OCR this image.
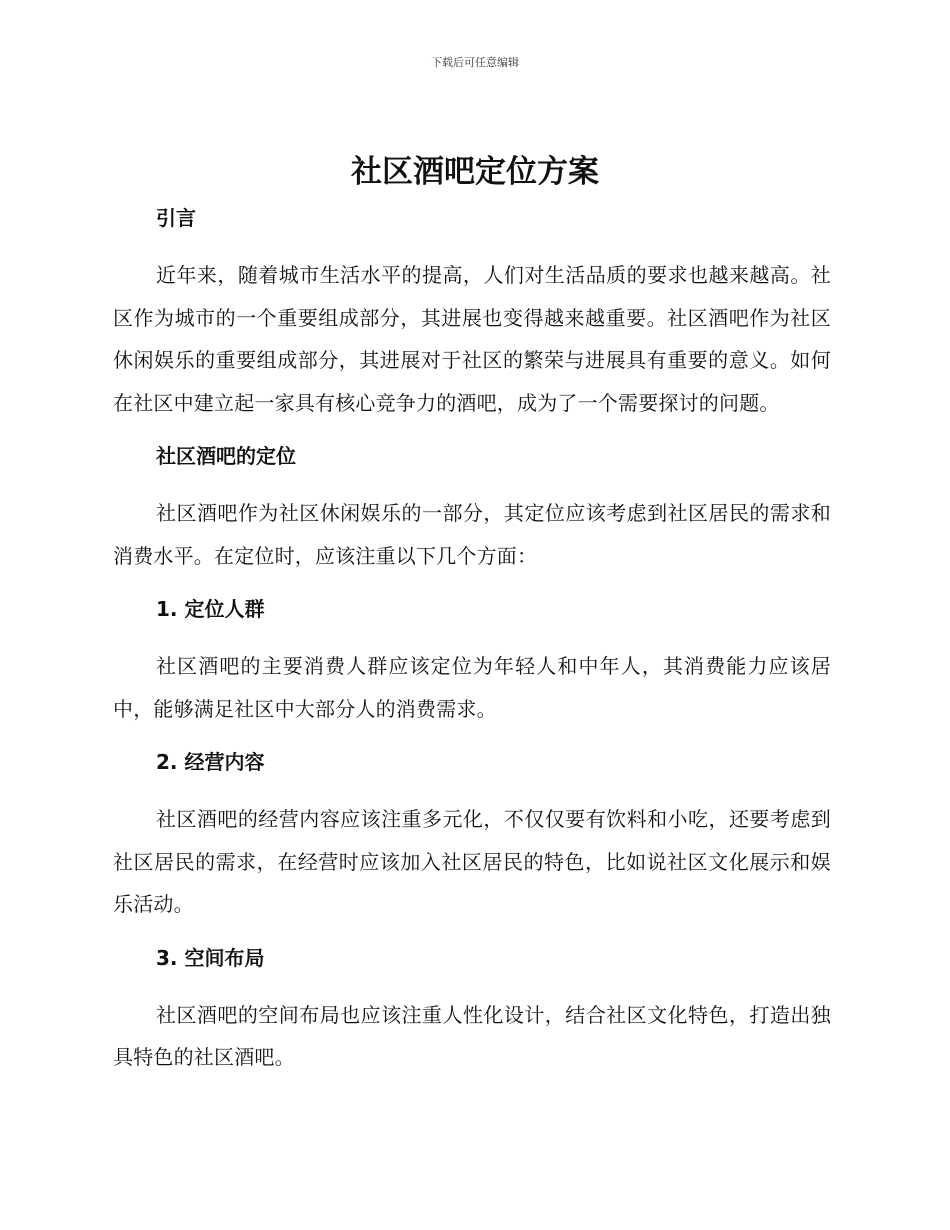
下载后可任意编辑
社区酒吧定位方案
引言

近年来，随着城市生活水平的提高，人们对生活品质的要求也越来越高。社区作为城市的一个重要组成部分，其进展也变得越来越重要。社区酒吧作为社区休闲娱乐的重要组成部分，其进展对于社区的繁荣与进展具有重要的意义。如何在社区中建立起一家具有核心竞争力的酒吧，成为了一个需要探讨的问题。

社区酒吧的定位

社区酒吧作为社区休闲娱乐的一部分，其定位应该考虑到社区居民的需求和消费水平。在定位时，应该注重以下几个方面：

1. 定位人群

社区酒吧的主要消费人群应该定位为年轻人和中年人，其消费能力应该居中，能够满足社区中大部分人的消费需求。

2. 经营内容

社区酒吧的经营内容应该注重多元化，不仅仅要有饮料和小吃，还要考虑到社区居民的需求，在经营时应该加入社区居民的特色，比如说社区文化展示和娱乐活动。

3. 空间布局

社区酒吧的空间布局也应该注重人性化设计，结合社区文化特色，打造出独具特色的社区酒吧。
